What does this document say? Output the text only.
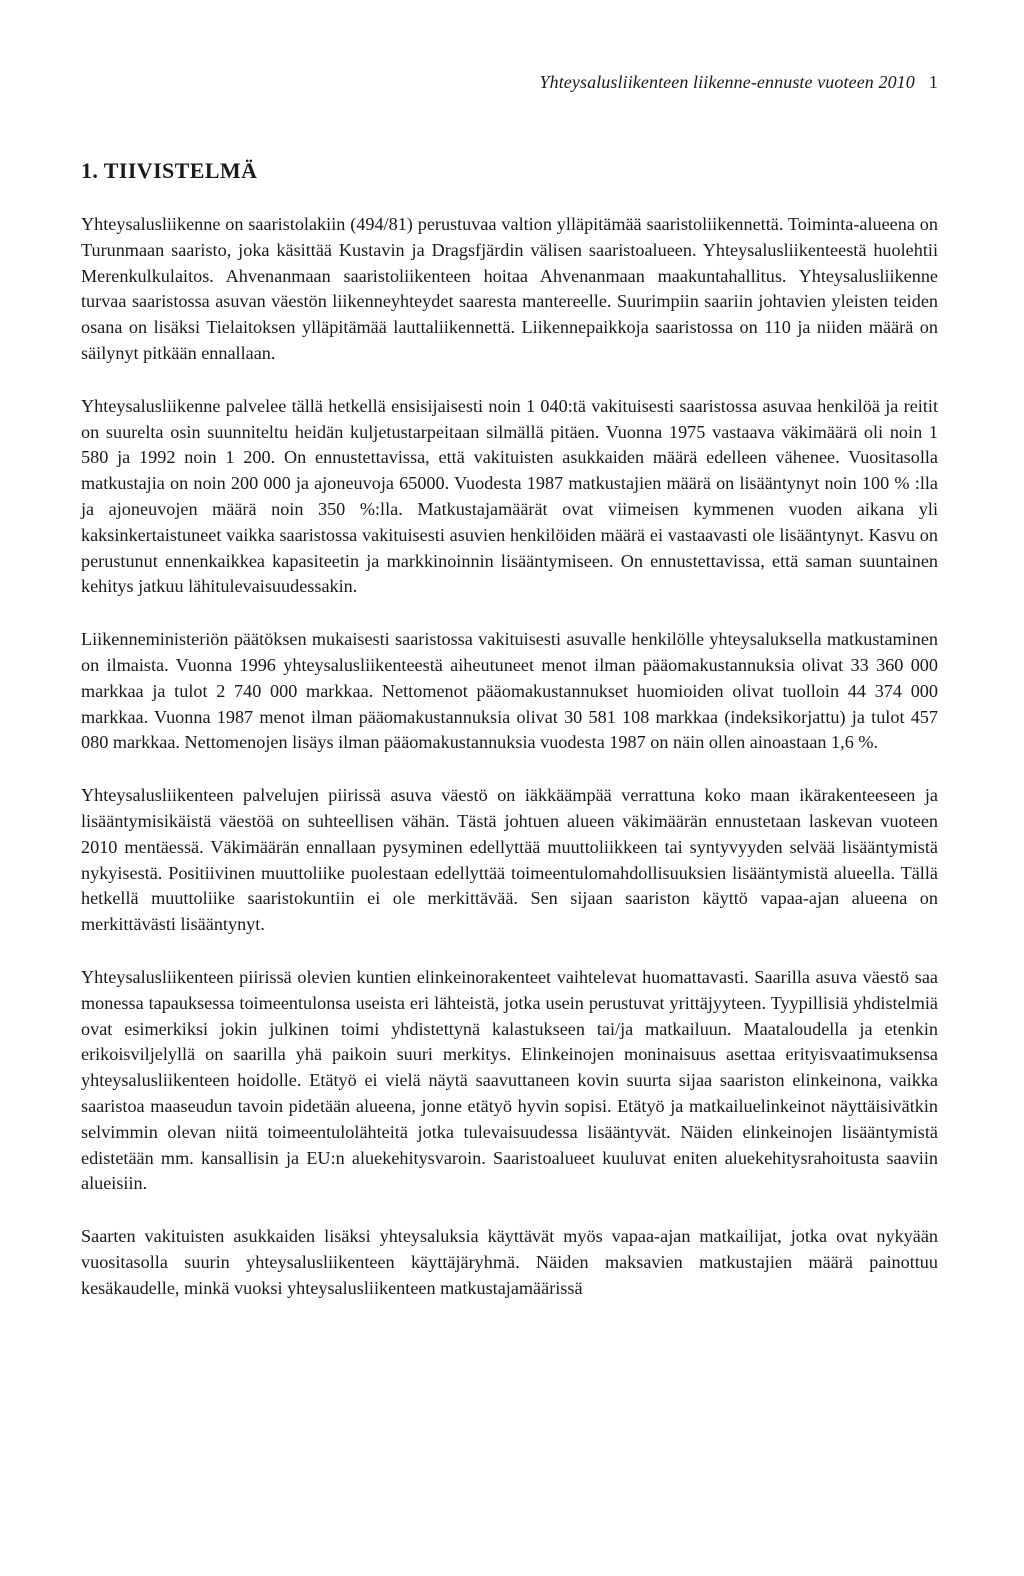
Yhteysalusliikenteen liikenne-ennuste vuoteen 2010 1
1. TIIVISTELMÄ

Yhteysalusliikenne on saaristolakiin (494/81) perustuvaa valtion ylläpitämää saaristoliikennettä. Toiminta-alueena on Turunmaan saaristo, joka käsittää Kustavin ja Dragsfjärdin välisen saaristoalueen. Yhteysalusliikenteestä huolehtii Merenkulkulaitos. Ahvenanmaan saaristoliikenteen hoitaa Ahvenanmaan maakuntahallitus. Yhteysalusliikenne turvaa saaristossa asuvan väestön liikenneyhteydet saaresta mantereelle. Suurimpiin saariin johtavien yleisten teiden osana on lisäksi Tielaitoksen ylläpitämää lauttaliikennettä. Liikennepaikkoja saaristossa on 110 ja niiden määrä on säilynyt pitkään ennallaan.

Yhteysalusliikenne palvelee tällä hetkellä ensisijaisesti noin 1 040:tä vakituisesti saaristossa asuvaa henkilöä ja reitit on suurelta osin suunniteltu heidän kuljetustarpeitaan silmällä pitäen. Vuonna 1975 vastaava väkimäärä oli noin 1 580 ja 1992 noin 1 200. On ennustettavissa, että vakituisten asukkaiden määrä edelleen vähenee. Vuositasolla matkustajia on noin 200 000 ja ajoneuvoja 65000. Vuodesta 1987 matkustajien määrä on lisääntynyt noin 100 % :lla ja ajoneuvojen määrä noin 350 %:lla. Matkustajamäärät ovat viimeisen kymmenen vuoden aikana yli kaksinkertaistuneet vaikka saaristossa vakituisesti asuvien henkilöiden määrä ei vastaavasti ole lisääntynyt. Kasvu on perustunut ennenkaikkea kapasiteetin ja markkinoinnin lisääntymiseen. On ennustettavissa, että saman suuntainen kehitys jatkuu lähitulevaisuudessakin.

Liikenneministeriön päätöksen mukaisesti saaristossa vakituisesti asuvalle henkilölle yhteysaluksella matkustaminen on ilmaista. Vuonna 1996 yhteysalusliikenteestä aiheutuneet menot ilman pääomakustannuksia olivat 33 360 000 markkaa ja tulot 2 740 000 markkaa. Nettomenot pääomakustannukset huomioiden olivat tuolloin 44 374 000 markkaa. Vuonna 1987 menot ilman pääomakustannuksia olivat 30 581 108 markkaa (indeksikorjattu) ja tulot 457 080 markkaa. Nettomenojen lisäys ilman pääomakustannuksia vuodesta 1987 on näin ollen ainoastaan 1,6 %.

Yhteysalusliikenteen palvelujen piirissä asuva väestö on iäkkäämpää verrattuna koko maan ikärakenteeseen ja lisääntymisikäistä väestöä on suhteellisen vähän. Tästä johtuen alueen väkimäärän ennustetaan laskevan vuoteen 2010 mentäessä. Väkimäärän ennallaan pysyminen edellyttää muuttoliikkeen tai syntyvyyden selvää lisääntymistä nykyisestä. Positiivinen muuttoliike puolestaan edellyttää toimeentulomahdollisuuksien lisääntymistä alueella. Tällä hetkellä muuttoliike saaristokuntiin ei ole merkittävää. Sen sijaan saariston käyttö vapaa-ajan alueena on merkittävästi lisääntynyt.

Yhteysalusliikenteen piirissä olevien kuntien elinkeinorakenteet vaihtelevat huomattavasti. Saarilla asuva väestö saa monessa tapauksessa toimeentulonsa useista eri lähteistä, jotka usein perustuvat yrittäjyyteen. Tyypillisiä yhdistelmiä ovat esimerkiksi jokin julkinen toimi yhdistettynä kalastukseen tai/ja matkailuun. Maataloudella ja etenkin erikoisviljelyllä on saarilla yhä paikoin suuri merkitys. Elinkeinojen moninaisuus asettaa erityisvaatimuksensa yhteysalusliikenteen hoidolle. Etätyö ei vielä näytä saavuttaneen kovin suurta sijaa saariston elinkeinona, vaikka saaristoa maaseudun tavoin pidetään alueena, jonne etätyö hyvin sopisi. Etätyö ja matkailuelinkeinot näyttäisivätkin selvimmin olevan niitä toimeentulolähteitä jotka tulevaisuudessa lisääntyvät. Näiden elinkeinojen lisääntymistä edistetään mm. kansallisin ja EU:n aluekehitysvaroin. Saaristoalueet kuuluvat eniten aluekehitysrahoitusta saaviin alueisiin.

Saarten vakituisten asukkaiden lisäksi yhteysaluksia käyttävät myös vapaa-ajan matkailijat, jotka ovat nykyään vuositasolla suurin yhteysalusliikenteen käyttäjäryhmä. Näiden maksavien matkustajien määrä painottuu kesäkaudelle, minkä vuoksi yhteysalusliikenteen matkustajamäärissä
